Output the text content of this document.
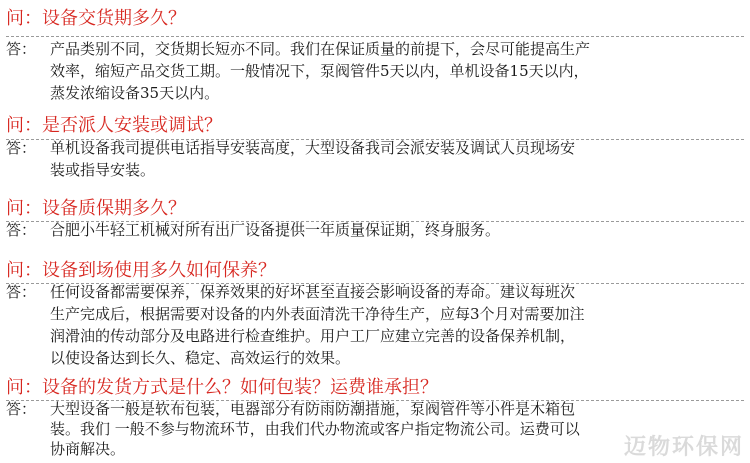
问：设备交货期多久？
答： 产品类别不同，交货期长短亦不同。我们在保证质量的前提下，会尽可能提高生产
效率，缩短产品交货工期。一般情况下，泵阀管件5天以内，单机设备15天以内，
蒸发浓缩设备35天以内。
问：是否派人安装或调试？
答： 单机设备我司提供电话指导安装高度，大型设备我司会派安装及调试人员现场安
装或指导安装。
问：设备质保期多久？
答： 合肥小牛轻工机械对所有出厂设备提供一年质量保证期，终身服务。
问：设备到场使用多久如何保养？
答： 任何设备都需要保养，保养效果的好坏甚至直接会影响设备的寿命。建议每班次
生产完成后，根据需要对设备的内外表面清洗干净待生产，应每3个月对需要加注
润滑油的传动部分及电路进行检查维护。用户工厂应建立完善的设备保养机制，
以使设备达到长久、稳定、高效运行的效果。
问：设备的发货方式是什么？如何包装？运费谁承担？
答： 大型设备一般是软布包装，电器部分有防雨防潮措施，泵阀管件等小件是木箱包
装。我们 一般不参与物流环节，由我们代办物流或客户指定物流公司。运费可以
协商解决。	迈物环保网
